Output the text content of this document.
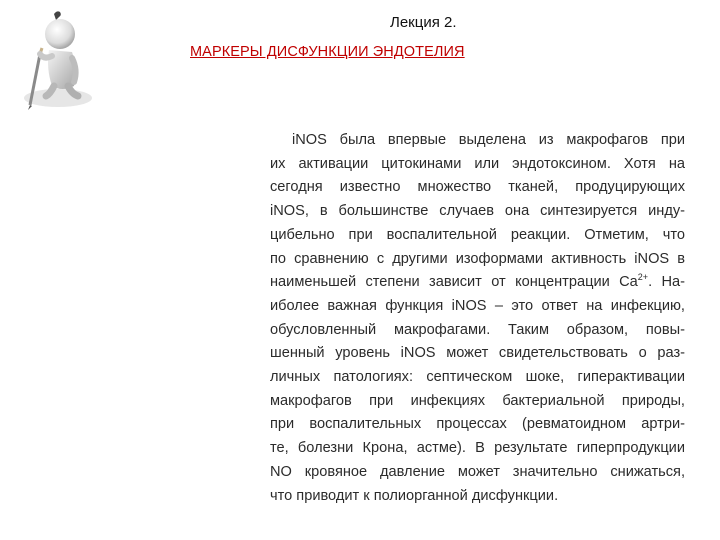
Лекция 2.
МАРКЕРЫ ДИСФУНКЦИИ ЭНДОТЕЛИЯ
iNOS была впервые выделена из макрофагов при
их активации цитокинами или эндотоксином. Хотя на
сегодня известно множество тканей, продуцирующих
iNOS, в большинстве случаев она синтезируется инду-
цибельно при воспалительной реакции. Отметим, что
по сравнению с другими изоформами активность iNOS в
наименьшей степени зависит от концентрации $Ca^{2+}$. На-
иболее важная функция iNOS – это ответ на инфекцию,
обусловленный макрофагами. Таким образом, повы-
шенный уровень iNOS может свидетельствовать о раз-
личных патологиях: септическом шоке, гиперактивации
макрофагов при инфекциях бактериальной природы,
при воспалительных процессах (ревматоидном артри-
те, болезни Крона, астме). В результате гиперпродукции
NO кровяное давление может значительно снижаться,
что приводит к полиорганной дисфункции.
